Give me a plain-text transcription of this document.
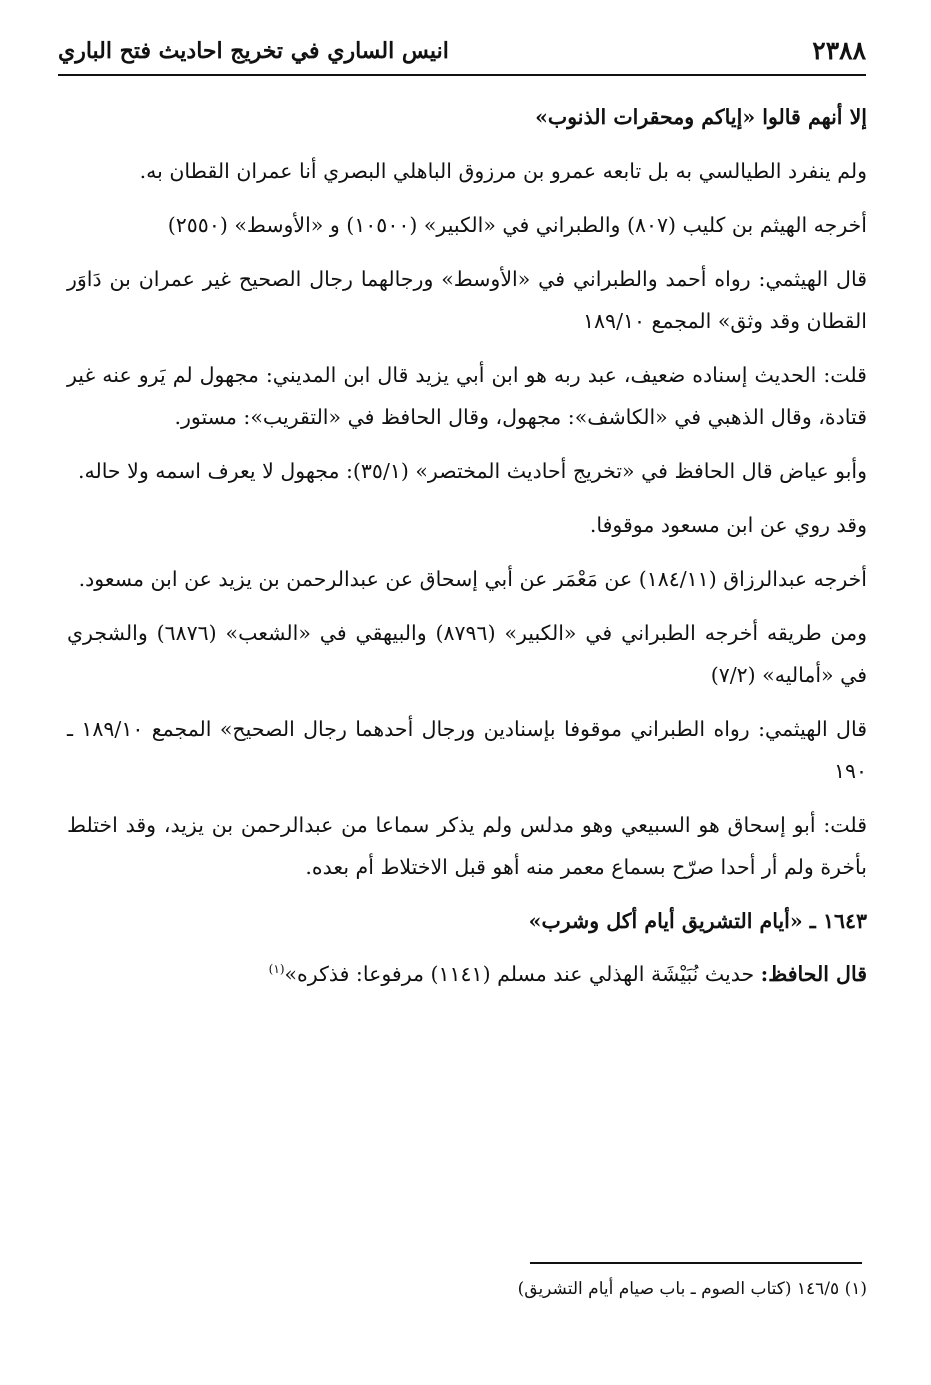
٢٣٨٨
انيس الساري في تخريج احاديث فتح الباري

إلا أنهم قالوا «إياكم ومحقرات الذنوب»

ولم ينفرد الطيالسي به بل تابعه عمرو بن مرزوق الباهلي البصري أنا عمران القطان به.

أخرجه الهيثم بن كليب (٨٠٧) والطبراني في «الكبير» (١٠٥٠٠) و «الأوسط» (٢٥٥٠)

قال الهيثمي: رواه أحمد والطبراني في «الأوسط» ورجالهما رجال الصحيح غير عمران بن دَاوَر القطان وقد وثق» المجمع ١٨٩/١٠

قلت: الحديث إسناده ضعيف، عبد ربه هو ابن أبي يزيد قال ابن المديني: مجهول لم يَرو عنه غير قتادة، وقال الذهبي في «الكاشف»: مجهول، وقال الحافظ في «التقريب»: مستور.

وأبو عياض قال الحافظ في «تخريج أحاديث المختصر» (٣٥/١): مجهول لا يعرف اسمه ولا حاله.

وقد روي عن ابن مسعود موقوفا.

أخرجه عبدالرزاق (١٨٤/١١) عن مَعْمَر عن أبي إسحاق عن عبدالرحمن بن يزيد عن ابن مسعود.

ومن طريقه أخرجه الطبراني في «الكبير» (٨٧٩٦) والبيهقي في «الشعب» (٦٨٧٦) والشجري في «أماليه» (٧/٢)

قال الهيثمي: رواه الطبراني موقوفا بإسنادين ورجال أحدهما رجال الصحيح» المجمع ١٨٩/١٠ ـ ١٩٠

قلت: أبو إسحاق هو السبيعي وهو مدلس ولم يذكر سماعا من عبدالرحمن بن يزيد، وقد اختلط بأخرة ولم أر أحدا صرّح بسماع معمر منه أهو قبل الاختلاط أم بعده.

١٦٤٣ ـ «أيام التشريق أيام أكل وشرب»

قال الحافظ: حديث نُبَيْشَة الهذلي عند مسلم (١١٤١) مرفوعا: فذكره»$^{(١)}$

(١) ١٤٦/٥ (كتاب الصوم ـ باب صيام أيام التشريق)
